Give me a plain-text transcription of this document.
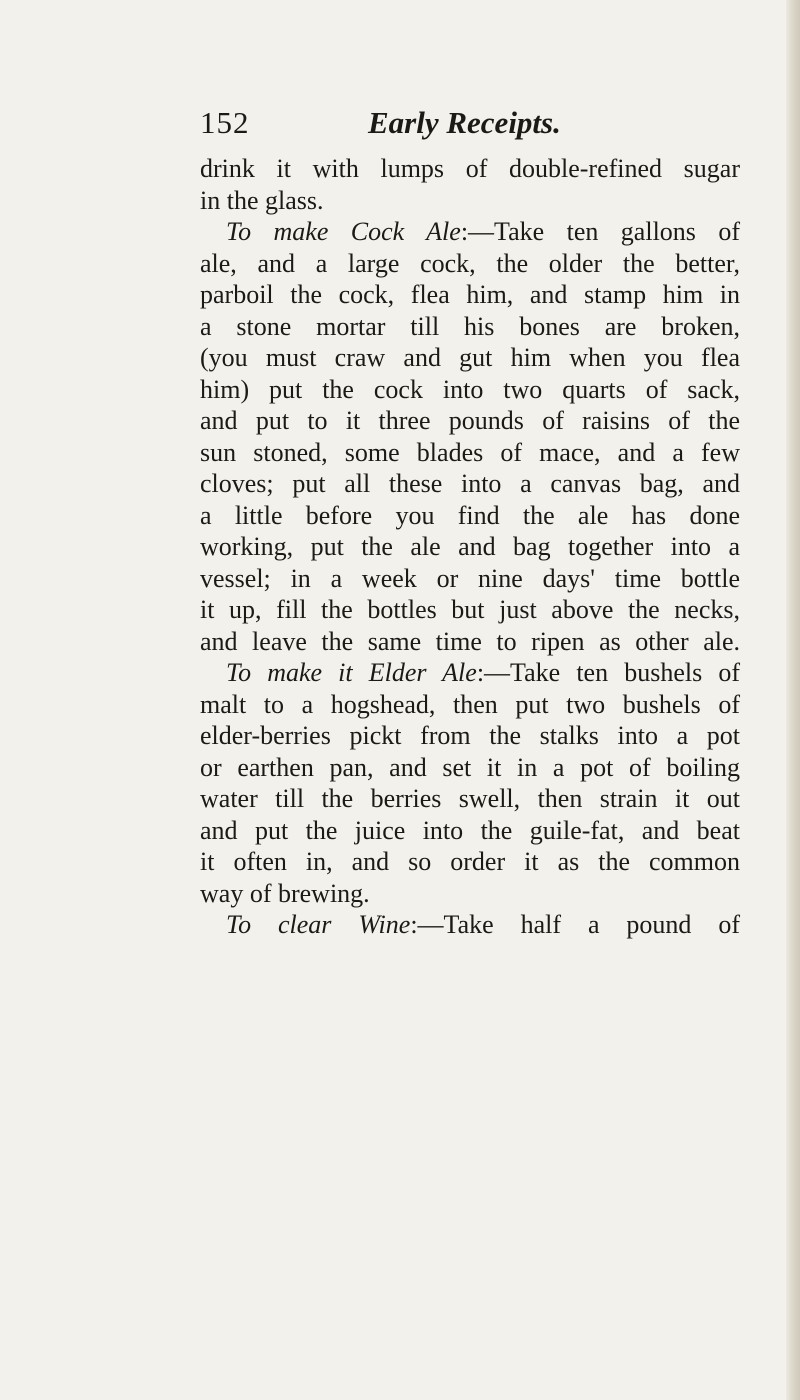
152	Early Receipts.
drink it with lumps of double-refined sugar
in the glass.
To make Cock Ale:—Take ten gallons of
ale, and a large cock, the older the better,
parboil the cock, flea him, and stamp him in
a stone mortar till his bones are broken,
(you must craw and gut him when you flea
him) put the cock into two quarts of sack,
and put to it three pounds of raisins of the
sun stoned, some blades of mace, and a few
cloves; put all these into a canvas bag, and
a little before you find the ale has done
working, put the ale and bag together into a
vessel; in a week or nine days' time bottle
it up, fill the bottles but just above the necks,
and leave the same time to ripen as other ale.
To make it Elder Ale:—Take ten bushels of
malt to a hogshead, then put two bushels of
elder-berries pickt from the stalks into a pot
or earthen pan, and set it in a pot of boiling
water till the berries swell, then strain it out
and put the juice into the guile-fat, and beat
it often in, and so order it as the common
way of brewing.
To clear Wine:—Take half a pound of
